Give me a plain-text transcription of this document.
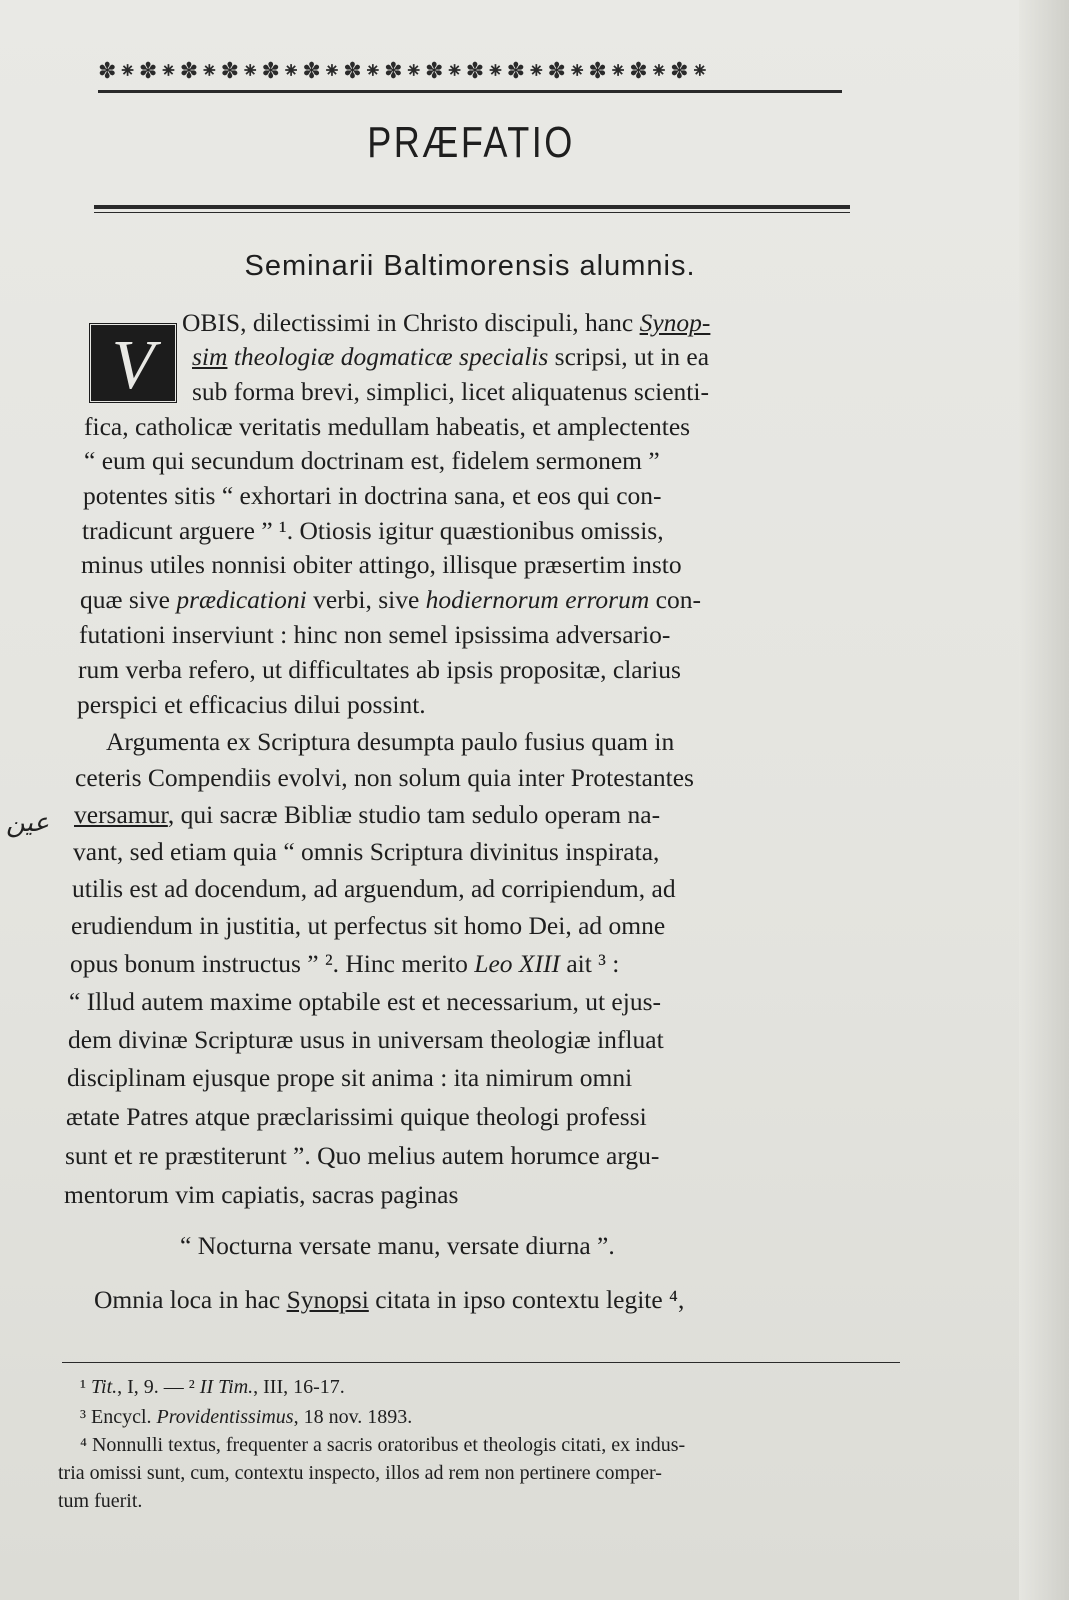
✽⁕✽⁕✽⁕✽⁕✽⁕✽⁕✽⁕✽⁕✽⁕✽⁕✽⁕✽⁕✽⁕✽⁕✽⁕
PRÆFATIO
Seminarii Baltimorensis alumnis.
V
عين
OBIS, dilectissimi in Christo discipuli, hanc Synop-
sim theologiæ dogmaticæ specialis scripsi, ut in ea
sub forma brevi, simplici, licet aliquatenus scienti-
fica, catholicæ veritatis medullam habeatis, et amplectentes
“ eum qui secundum doctrinam est, fidelem sermonem ”
potentes sitis “ exhortari in doctrina sana, et eos qui con-
tradicunt arguere ” ¹. Otiosis igitur quæstionibus omissis,
minus utiles nonnisi obiter attingo, illisque præsertim insto
quæ sive prædicationi verbi, sive hodiernorum errorum con-
futationi inserviunt : hinc non semel ipsissima adversario-
rum verba refero, ut difficultates ab ipsis propositæ, clarius
perspici et efficacius dilui possint.
Argumenta ex Scriptura desumpta paulo fusius quam in
ceteris Compendiis evolvi, non solum quia inter Protestantes
versamur, qui sacræ Bibliæ studio tam sedulo operam na-
vant, sed etiam quia “ omnis Scriptura divinitus inspirata,
utilis est ad docendum, ad arguendum, ad corripiendum, ad
erudiendum in justitia, ut perfectus sit homo Dei, ad omne
opus bonum instructus ” ². Hinc merito Leo XIII ait ³ :
“ Illud autem maxime optabile est et necessarium, ut ejus-
dem divinæ Scripturæ usus in universam theologiæ influat
disciplinam ejusque prope sit anima : ita nimirum omni
ætate Patres atque præclarissimi quique theologi professi
sunt et re præstiterunt ”. Quo melius autem horumce argu-
mentorum vim capiatis, sacras paginas
“ Nocturna versate manu, versate diurna ”.
Omnia loca in hac Synopsi citata in ipso contextu legite ⁴,
¹ Tit., I, 9. — ² II Tim., III, 16-17.
³ Encycl. Providentissimus, 18 nov. 1893.
⁴ Nonnulli textus, frequenter a sacris oratoribus et theologis citati, ex indus-
tria omissi sunt, cum, contextu inspecto, illos ad rem non pertinere comper-
tum fuerit.
